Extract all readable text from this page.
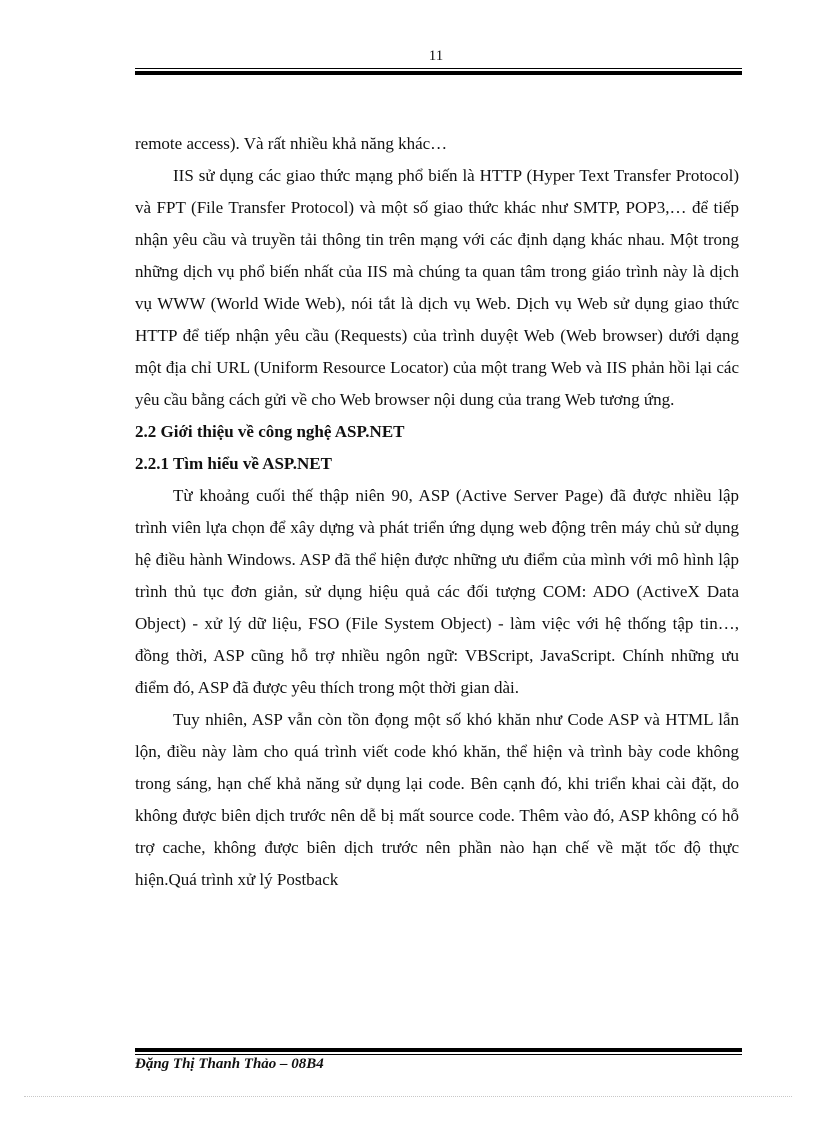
11

remote access). Và rất nhiều khả năng khác…

IIS sử dụng các giao thức mạng phổ biến là HTTP (Hyper Text Transfer Protocol) và FPT (File Transfer Protocol) và một số giao thức khác như SMTP, POP3,… để tiếp nhận yêu cầu và truyền tải thông tin trên mạng với các định dạng khác nhau. Một trong những dịch vụ phổ biến nhất của IIS mà chúng ta quan tâm trong giáo trình này là dịch vụ WWW (World Wide Web), nói tắt là dịch vụ Web. Dịch vụ Web sử dụng giao thức HTTP để tiếp nhận yêu cầu (Requests) của trình duyệt Web (Web browser) dưới dạng một địa chỉ URL (Uniform Resource Locator) của một trang Web và IIS phản hồi lại các yêu cầu bằng cách gửi về cho Web browser nội dung của trang Web tương ứng.

2.2 Giới thiệu về công nghệ ASP.NET
2.2.1 Tìm hiểu về ASP.NET

Từ khoảng cuối thế thập niên 90, ASP (Active Server Page) đã được nhiều lập trình viên lựa chọn để xây dựng và phát triển ứng dụng web động trên máy chủ sử dụng hệ điều hành Windows. ASP đã thể hiện được những ưu điểm của mình với mô hình lập trình thủ tục đơn giản, sử dụng hiệu quả các đối tượng COM: ADO (ActiveX Data Object) - xử lý dữ liệu, FSO (File System Object) - làm việc với hệ thống tập tin…, đồng thời, ASP cũng hỗ trợ nhiều ngôn ngữ: VBScript, JavaScript. Chính những ưu điểm đó, ASP đã được yêu thích trong một thời gian dài.

Tuy nhiên, ASP vẫn còn tồn đọng một số khó khăn như Code ASP và HTML lẫn lộn, điều này làm cho quá trình viết code khó khăn, thể hiện và trình bày code không trong sáng, hạn chế khả năng sử dụng lại code. Bên cạnh đó, khi triển khai cài đặt, do không được biên dịch trước nên dễ bị mất source code. Thêm vào đó, ASP không có hỗ trợ cache, không được biên dịch trước nên phần nào hạn chế về mặt tốc độ thực hiện.Quá trình xử lý Postback

Đặng Thị Thanh Thảo – 08B4
